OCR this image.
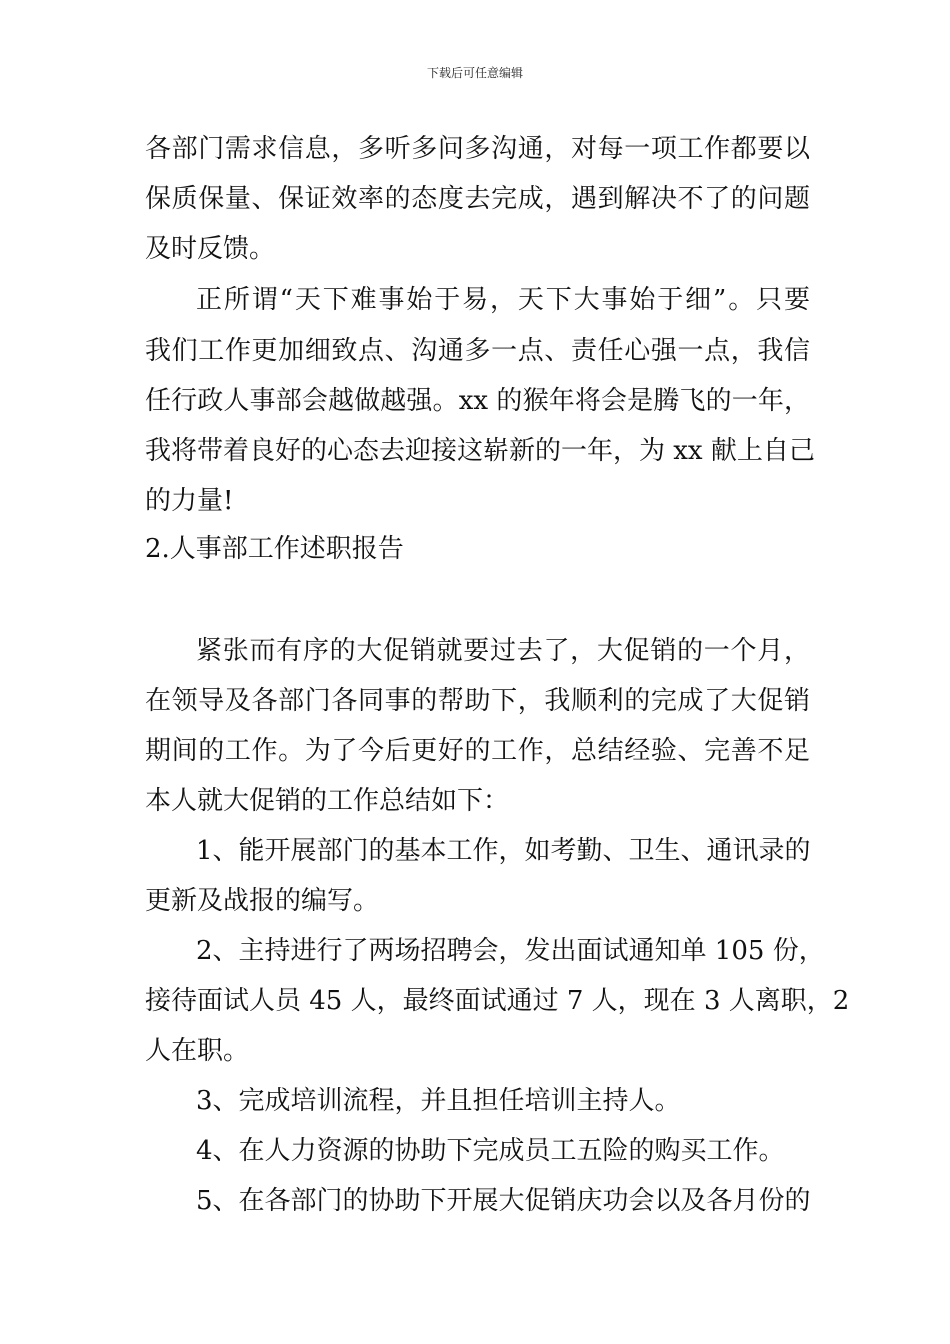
下载后可任意编辑
各部门需求信息，多听多问多沟通，对每一项工作都要以
保质保量、保证效率的态度去完成，遇到解决不了的问题
及时反馈。
正所谓“天下难事始于易，天下大事始于细”。只要
我们工作更加细致点、沟通多一点、责任心强一点，我信
任行政人事部会越做越强。xx 的猴年将会是腾飞的一年，
我将带着良好的心态去迎接这崭新的一年，为 xx 献上自己
的力量!
2.人事部工作述职报告
紧张而有序的大促销就要过去了，大促销的一个月，
在领导及各部门各同事的帮助下，我顺利的完成了大促销
期间的工作。为了今后更好的工作，总结经验、完善不足
本人就大促销的工作总结如下：
1、能开展部门的基本工作，如考勤、卫生、通讯录的
更新及战报的编写。
2、主持进行了两场招聘会，发出面试通知单 105 份，
接待面试人员 45 人，最终面试通过 7 人，现在 3 人离职，2
人在职。
3、完成培训流程，并且担任培训主持人。
4、在人力资源的协助下完成员工五险的购买工作。
5、在各部门的协助下开展大促销庆功会以及各月份的
